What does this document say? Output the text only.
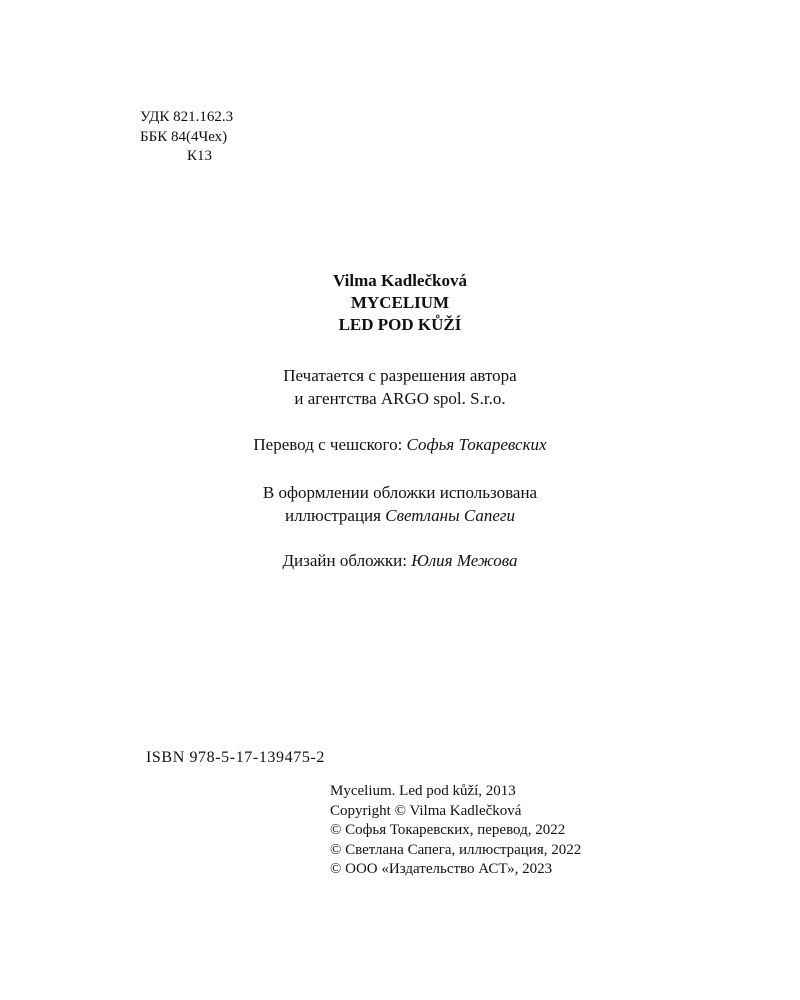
УДК 821.162.3
ББК 84(4Чех)
К13
Vilma Kadlečková
MYCELIUM
LED POD KŮŽÍ
Печатается с разрешения автора
и агентства ARGO spol. S.r.o.
Перевод с чешского: Софья Токаревских
В оформлении обложки использована
иллюстрация Светланы Сапеги
Дизайн обложки: Юлия Межова
ISBN 978-5-17-139475-2
Mycelium. Led pod kůží, 2013
Copyright © Vilma Kadlečková
© Софья Токаревских, перевод, 2022
© Светлана Сапега, иллюстрация, 2022
© ООО «Издательство АСТ», 2023
